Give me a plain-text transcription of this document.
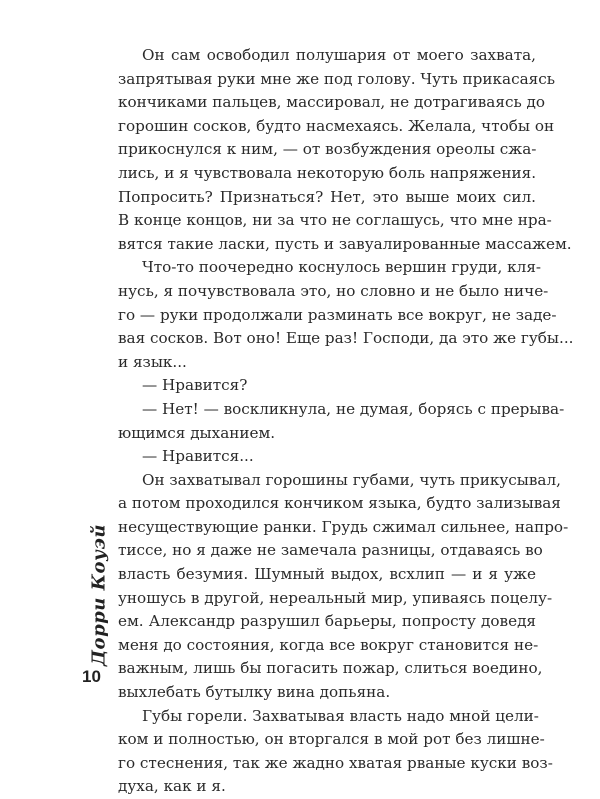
Он сам освободил полушария от моего захвата,
запрятывая руки мне же под голову. Чуть прикасаясь
кончиками пальцев, массировал, не дотрагиваясь до
горошин сосков, будто насмехаясь. Желала, чтобы он
прикоснулся к ним, — от возбуждения ореолы сжа-
лись, и я чувствовала некоторую боль напряжения.
Попросить? Признаться? Нет, это выше моих сил.
В конце концов, ни за что не соглашусь, что мне нра-
вятся такие ласки, пусть и завуалированные массажем.
Что-то поочередно коснулось вершин груди, кля-
нусь, я почувствовала это, но словно и не было ниче-
го — руки продолжали разминать все вокруг, не заде-
вая сосков. Вот оно! Еще раз! Господи, да это же губы...
и язык...
— Нравится?
— Нет! — воскликнула, не думая, борясь с прерыва-
ющимся дыханием.
— Нравится...
Он захватывал горошины губами, чуть прикусывал,
а потом проходился кончиком языка, будто зализывая
несуществующие ранки. Грудь сжимал сильнее, напро-
тиссе, но я даже не замечала разницы, отдаваясь во
власть безумия. Шумный выдох, всхлип — и я уже
уношусь в другой, нереальный мир, упиваясь поцелу-
ем. Александр разрушил барьеры, попросту доведя
меня до состояния, когда все вокруг становится не-
важным, лишь бы погасить пожар, слиться воедино,
выхлебать бутылку вина допьяна.
Губы горели. Захватывая власть надо мной цели-
ком и полностью, он вторгался в мой рот без лишне-
го стеснения, так же жадно хватая рваные куски воз-
духа, как и я.
Дорри Коуэй
10
